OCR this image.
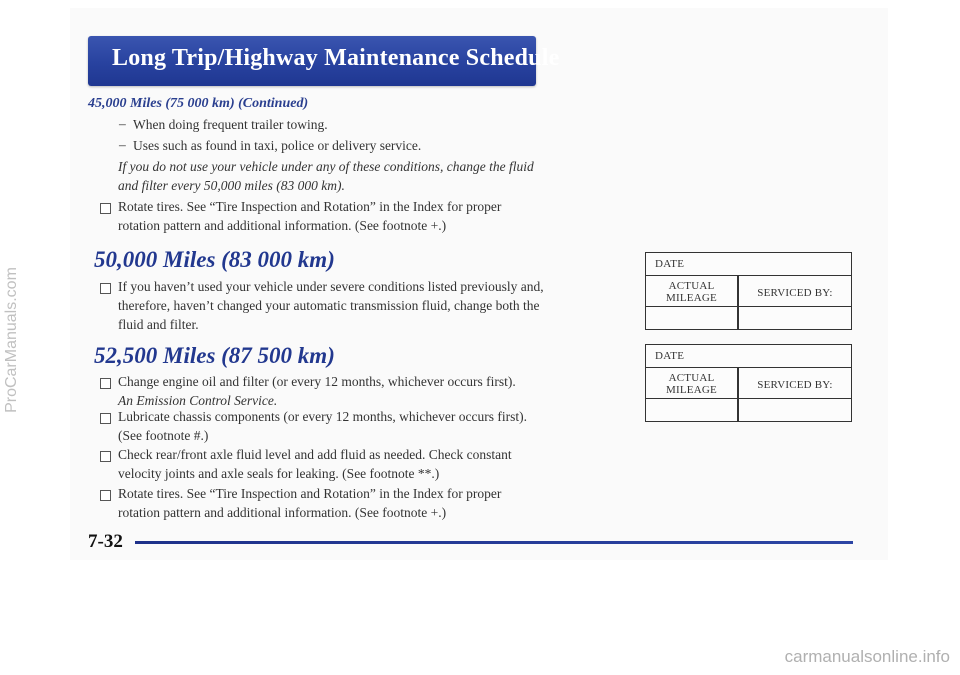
Long Trip/Highway Maintenance Schedule
45,000 Miles (75 000 km) (Continued)
– When doing frequent trailer towing.
– Uses such as found in taxi, police or delivery service.
If you do not use your vehicle under any of these conditions, change the fluid
and filter every 50,000 miles (83 000 km).
Rotate tires. See “Tire Inspection and Rotation” in the Index for proper
rotation pattern and additional information. (See footnote +.)
50,000 Miles (83 000 km)
If you haven’t used your vehicle under severe conditions listed previously and,
therefore, haven’t changed your automatic transmission fluid, change both the
fluid and filter.
DATE
ACTUAL
MILEAGE	SERVICED BY:
52,500 Miles (87 500 km)
Change engine oil and filter (or every 12 months, whichever occurs first).
An Emission Control Service.
Lubricate chassis components (or every 12 months, whichever occurs first).
(See footnote #.)
Check rear/front axle fluid level and add fluid as needed. Check constant
velocity joints and axle seals for leaking. (See footnote **.)
Rotate tires. See “Tire Inspection and Rotation” in the Index for proper
rotation pattern and additional information. (See footnote +.)
DATE
ACTUAL
MILEAGE	SERVICED BY:
7-32
ProCarManuals.com
carmanualsonline.info
